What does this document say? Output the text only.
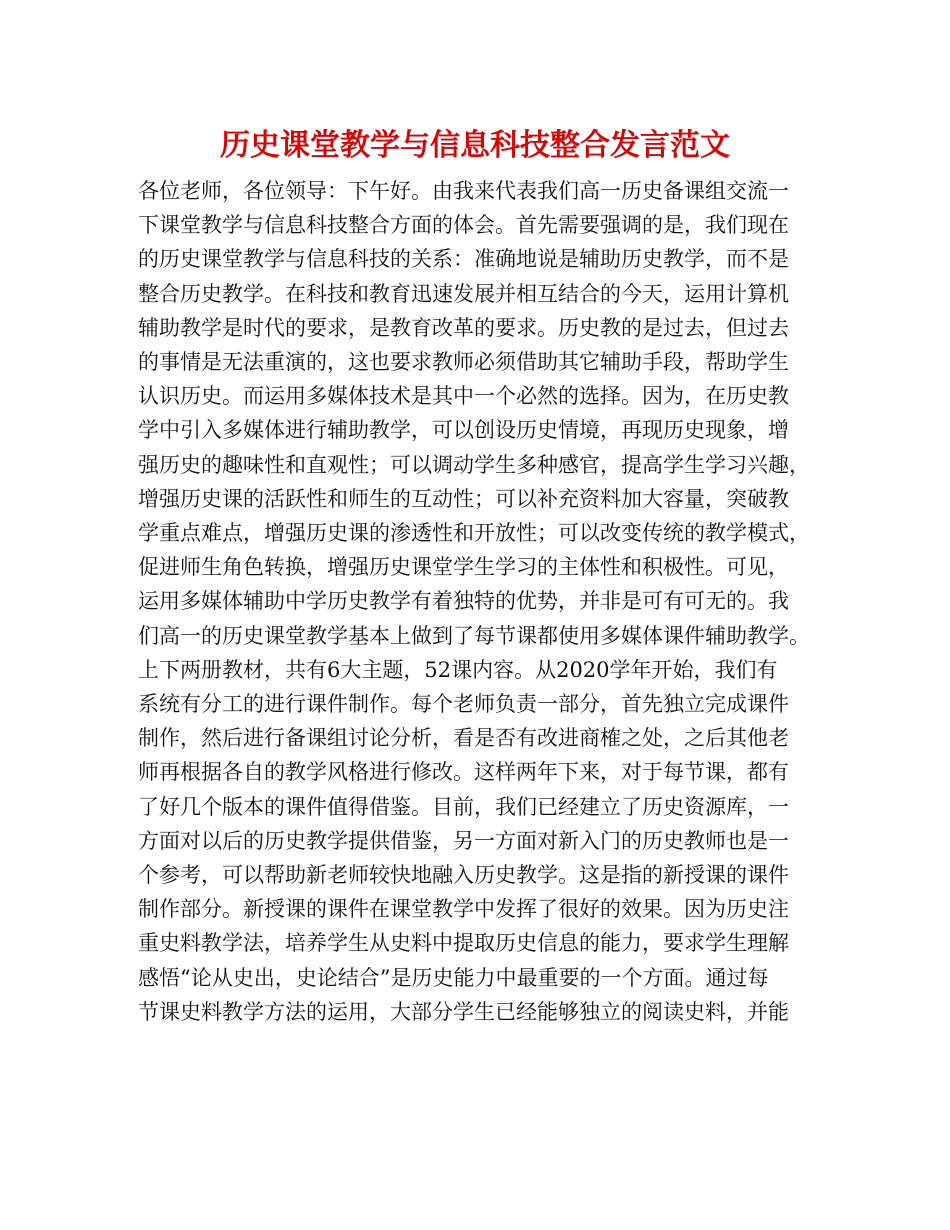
历史课堂教学与信息科技整合发言范文
各位老师，各位领导：下午好。由我来代表我们高一历史备课组交流一
下课堂教学与信息科技整合方面的体会。首先需要强调的是，我们现在
的历史课堂教学与信息科技的关系：准确地说是辅助历史教学，而不是
整合历史教学。在科技和教育迅速发展并相互结合的今天，运用计算机
辅助教学是时代的要求，是教育改革的要求。历史教的是过去，但过去
的事情是无法重演的，这也要求教师必须借助其它辅助手段，帮助学生
认识历史。而运用多媒体技术是其中一个必然的选择。因为，在历史教
学中引入多媒体进行辅助教学，可以创设历史情境，再现历史现象，增
强历史的趣味性和直观性；可以调动学生多种感官，提高学生学习兴趣，
增强历史课的活跃性和师生的互动性；可以补充资料加大容量，突破教
学重点难点，增强历史课的渗透性和开放性；可以改变传统的教学模式，
促进师生角色转换，增强历史课堂学生学习的主体性和积极性。可见，
运用多媒体辅助中学历史教学有着独特的优势，并非是可有可无的。我
们高一的历史课堂教学基本上做到了每节课都使用多媒体课件辅助教学。
上下两册教材，共有6大主题，52课内容。从2020学年开始，我们有
系统有分工的进行课件制作。每个老师负责一部分，首先独立完成课件
制作，然后进行备课组讨论分析，看是否有改进商榷之处，之后其他老
师再根据各自的教学风格进行修改。这样两年下来，对于每节课，都有
了好几个版本的课件值得借鉴。目前，我们已经建立了历史资源库，一
方面对以后的历史教学提供借鉴，另一方面对新入门的历史教师也是一
个参考，可以帮助新老师较快地融入历史教学。这是指的新授课的课件
制作部分。新授课的课件在课堂教学中发挥了很好的效果。因为历史注
重史料教学法，培养学生从史料中提取历史信息的能力，要求学生理解
感悟“论从史出，史论结合”是历史能力中最重要的一个方面。通过每
节课史料教学方法的运用，大部分学生已经能够独立的阅读史料，并能
